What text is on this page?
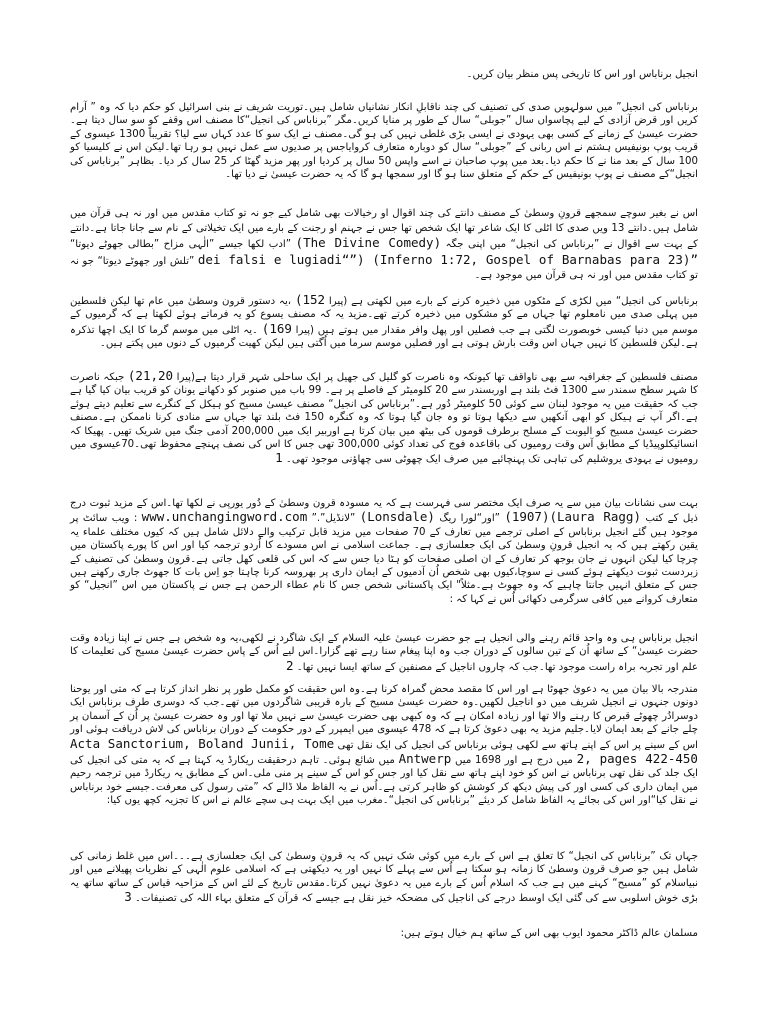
انجیل برناباس اور اس کا تاریخی پس منظر بیان کریں۔

برناباس کی انجیل” میں سولہویں صدی کی تصنیف کی چند ناقابلِ انکار نشانیاں شامل ہیں۔توریت شریف نے بنی اسرائیل کو حکم دیا کہ وہ ” آرام کریں اور قرض آزادی کے لیے پچاسواں سال ”جوبلی“ سال کے طور پر منایا کریں۔مگر ”برناباس کی انجیل“کا مصنف اس وقفے کو سو سال دیتا ہے۔حضرت عیسیٰ کے زمانے کے کسی بھی یہودی نے ایسی بڑی غلطی نہیں کی ہو گی۔مصنف نے ایک سو کا عدد کہاں سے لیا؟ تقریباً 1300 عیسوی کے قریب پوپ بونیفیس ہشتم نے اس ربانی کے ”جوبلی“ سال کو دوبارہ متعارف کروایاجس پر صدیوں سے عمل نہیں ہو رہا تھا۔لیکن اس نے کلیسیا کو 100 سال کے بعد منا نے کا حکم دیا۔بعد میں پوپ صاحبان نے اسے واپس 50 سال پر کردیا اور پھر مزید گھٹا کر 25 سال کر دیا۔ بظاہر ”برناباس کی انجیل“کے مصنف نے پوپ بونیفیس کے حکم کے متعلق سنا ہو گا اور سمجھا ہو گا کہ یہ حضرت عیسیٰ نے دیا تھا۔

اس نے بغیر سوچے سمجھے قرونِ وسطیٰ کے مصنف دانتے کی چند اقوال او رخیالات بھی شامل کیے جو نہ تو کتاب مقدس میں اور نہ ہی قرآن میں شامل ہیں۔دانتے 13 ویں صدی کا اٹلی کا ایک شاعر تھا ایک شخص تھا جس نے جہنم او رجنت کے بارے میں ایک تخیلاتی کے نام سے جانا جاتا ہے۔دانتے کے بہت سے اقوال نے ”برناباس کی انجیل“ میں اپنی جگہ (The Divine Comedy) ”ادب لکھا جیسے ”الٰہی مزاح ”بطالی جھوٹے دیوتا“ ”dei falsi e lugiadi“”) (Inferno 1:72, Gospel of Barnabas para 23) ”تلش اور جھوٹے دیوتا“ جو نہ تو کتاب مقدس میں اور نہ ہی قرآن میں موجود ہے۔

برناباس کی انجیل“ میں لکڑی کے مٹکوں میں ذخیرہ کرنے کے بارے میں لکھتی ہے (پیرا 152) ،یہ دستور قرون وسطیٰ میں عام تھا لیکن فلسطین میں پہلی صدی میں نامعلوم تھا جہاں مے کو مشکوں میں ذخیرہ کرتے تھے۔مزید یہ کہ مصنف یسوع کو یہ فرماتے ہوئے لکھتا ہے کہ گرمیوں کے موسم میں دنیا کیسی خوبصورت لگتی ہے جب فصلیں اور پھل وافر مقدار میں ہوتے ہیں (پیرا 169) ۔یہ اٹلی میں موسم گرما کا ایک اچھا تذکرہ ہے۔لیکن فلسطین کا نہیں جہاں اس وقت بارش ہوتی ہے اور فصلیں موسم سرما میں اُگتی ہیں لیکن کھیت گرمیوں کے دنوں میں پکتے ہیں۔

مصنف فلسطین کے جغرافیہ سے بھی ناواقف تھا کیونکہ وہ ناصرت کو گلیل کی جھیل پر ایک ساحلی شہر قرار دیتا ہے(پیرا 21,20) جبکہ ناصرت کا شہر سطح سمندر سے 1300 فٹ بلند ہے اوربسندر سے 20 کلومیٹر کے فاصلے پر ہے۔ 99 باب میں صنوبر کو دکھانے یونان کو قریب بیان کیا گیا ہے جب کہ حقیقت میں یہ موجود لبنان سے کوئی 50 کلومیٹر دُور ہے۔”برناباس کی انجیل“ مصنف عیسیٰ مسیح کو ہیکل کے کنگرے سے تعلیم دیتے ہوئے ہے۔اگر آپ نے ہیکل کو ابھی آنکھیں سے دیکھا ہوتا تو وہ جان گیا ہوتا کہ وہ کنگرہ 150 فٹ بلند تھا جہاں سے منادی کرنا ناممکن ہے۔مصنف حضرت عیسیٰ مسیح کو الیوبت کے مسلح برطرف قوموں کی بیٹھ میں بیان کرتا ہے اوربیر ایک میں 200,000 آدمی جنگ میں شریک تھیں۔ پھیکا کہ انسائیکلوپیڈیا کے مطابق آس وقت رومیوں کی باقاعدہ فوج کی تعداد کوئی 300,000 تھی جس کا اس کی نصف پہنچے محفوظ تھی۔70عیسوی میں رومیوں نے یہودی یروشلیم کی تباہی تک پہنچائیے میں صرف ایک چھوٹی سی چھاؤنی موجود تھی۔ 1

بہت سی نشانات بیان میں سے یہ صرف ایک مختصر سی فہرست ہے کہ یہ مسودہ قرون وسطیٰ کے دُور یورپی نے لکھا تھا۔اس کے مزید ثبوت درج ذیل کے کتب (Laura Ragg)(1907) ”اور“لورا ریگ (Lonsdale) ”لانڈیل”.” www.unchangingword.com : ویب سائٹ پر موجود ہیں گئے انجیل برناباس کے اصلی ترجمے میں تعارف کے 70 صفحات میں مزید قابل ترکیب والے دلائل شامل ہیں کہ کیوں مختلف علماء یہ یقین رکھتے ہیں کہ یہ انجیل قرونِ وسطیٰ کی ایک جعلسازی ہے۔ جماعت اسلامی نے اس مسودے کا اُردو ترجمہ کیا اور اس کا پورے پاکستان میں چرچا کیا لیکن انہوں نے جان بوجھ کر تعارف کے ان اصلی صفحات کو ہٹا دیا جس سے کہ اس کی قلعی کھل جاتی ہے۔قرون وسطیٰ کی تصنیف کے زبردست ثبوت دیکھتے ہوئے کسی نے سوچا،کیوں بھی شخص اُن آدمیوں کے ایمان داری پر بھروسہ کرنا چاہتا جو اِس بات کا جھوٹ جاری رکھنے ہیں جس کے متعلق انہیں جانتا چاہیے کہ وہ جھوٹ ہے۔مثلاً" ایک پاکستانی شخص جس کا نام عطاء الرحمن ہے جس نے پاکستان میں اس ”انجیل“ کو متعارف کروانے میں کافی سرگرمی دکھائی اُس نے کہا کہ :

انجیل برناباس ہی وہ واحد قائم رہنے والی انجیل ہے جو حضرت عیسیٰ علیہ السلام کے ایک شاگرد نے لکھی،یہ وہ شخص ہے جس نے اپنا زیادہ وقت حضرت عیسیٰ“ کے ساتھ اُن کے تین سالوں کے دوران جب وہ اپنا پیغام سنا رہے تھے گزارا۔اس لیے اُس کے پاس حضرت عیسیٰ مسیح کی تعلیمات کا علم اور تجربہ براہ راست موجود تھا۔جب کہ چاروں اناجیل کے مصنفین کے ساتھ ایسا نہیں تھا۔ 2

مندرجہ بالا بیان میں یہ دعویٰ جھوٹا ہے اور اس کا مقصد محض گمراہ کرنا ہے۔وہ اس حقیقت کو مکمل طور پر نظر انداز کرتا ہے کہ متی اور یوحنا دونوں جنہوں نے انجیل شریف میں دو اناجیل لکھیں۔وہ حضرت عیسیٰ مسیح کے بارہ قریبی شاگردوں میں تھے۔جب کہ دوسری طرف برناباس ایک دوسرادُر چھوٹے قبرص کا رہنے والا تھا اور زیادہ امکان ہے کہ وہ کبھی بھی حضرت عیسیٰ سے نہیں ملا تھا اور وہ حضرت عیسیٰ پر اُن کے آسمان پر چلے جانے کے بعد ایمان لایا۔جلیم مزید یہ بھی دعویٰ کرتا ہے کہ 478 عیسوی میں ایمپرر کے دور حکومت کے دوران برناباس کی لاش دریافت ہوئی اور اس کے سینے پر اس کے اپنے ہاتھ سے لکھی ہوئی برناباس کی انجیل کی ایک نقل تھی Acta Sanctorium, Boland Junii, Tome 2, pages 422-450 میں درج ہے اور 1698 میں Antwerp میں شائع ہوئی۔ تاہم درحقیقت ریکارڈ یہ کہتا ہے کہ یہ متی کی انجیل کی ایک جلد کی نقل تھی برناباس نے اس کو خود اپنے ہاتھ سے نقل کیا اور جس کو اس کے سینے پر منی ملی۔اس کے مطابق یہ ریکارڈ میں ترجمہ رحیم میں ایمان داری کی کسی اور کی پیش دیکھ کر کوشش کو ظاہر کرتی ہے۔اُس نے یہ الفاظ ملا ڈالے کہ ”متی رسول کی معرفت۔جیسے خود برناباس نے نقل کیا“اور اس کی بجائے یہ الفاظ شامل کر دیئے ”برناباس کی انجیل“۔مغرب میں ایک بہت ہی سچے عالم نے اس کا تجزیہ کچھ یوں کیا:

جہاں تک ”برناباس کی انجیل“ کا تعلق ہے اس کے بارے میں کوئی شک نہیں کہ یہ قرونِ وسطیٰ کی ایک جعلسازی ہے۔۔۔اس میں غلط زمانی کی شامل ہیں جو صرف قرون وسطیٰ کا زمانہ ہو سکتا ہے اُس سے پہلے کا نہیں اور یہ دیکھتی ہے کہ اسلامی علوم الٰہی کے نظریات پھیلانے میں اور نبیاسلام کو ”مسیح“ کہنے میں ہے جب کہ اسلام اُس کے بارے میں یہ دعویٰ نہیں کرتا۔مقدس تاریخ کے لئے اس کے مزاحیہ قیاس کے ساتھ ساتھ یہ بڑی خوش اسلوبی سے کی گئی ایک اوسط درجے کی اناجیل کی مضحکہ خیز نقل ہے جیسے کہ قرآن کے متعلق بہاء اللہ کی تصنیفات۔ 3

مسلمان عالم ڈاکٹر محمود ایوب بھی اس کے ساتھ ہم خیال ہوتے ہیں:
